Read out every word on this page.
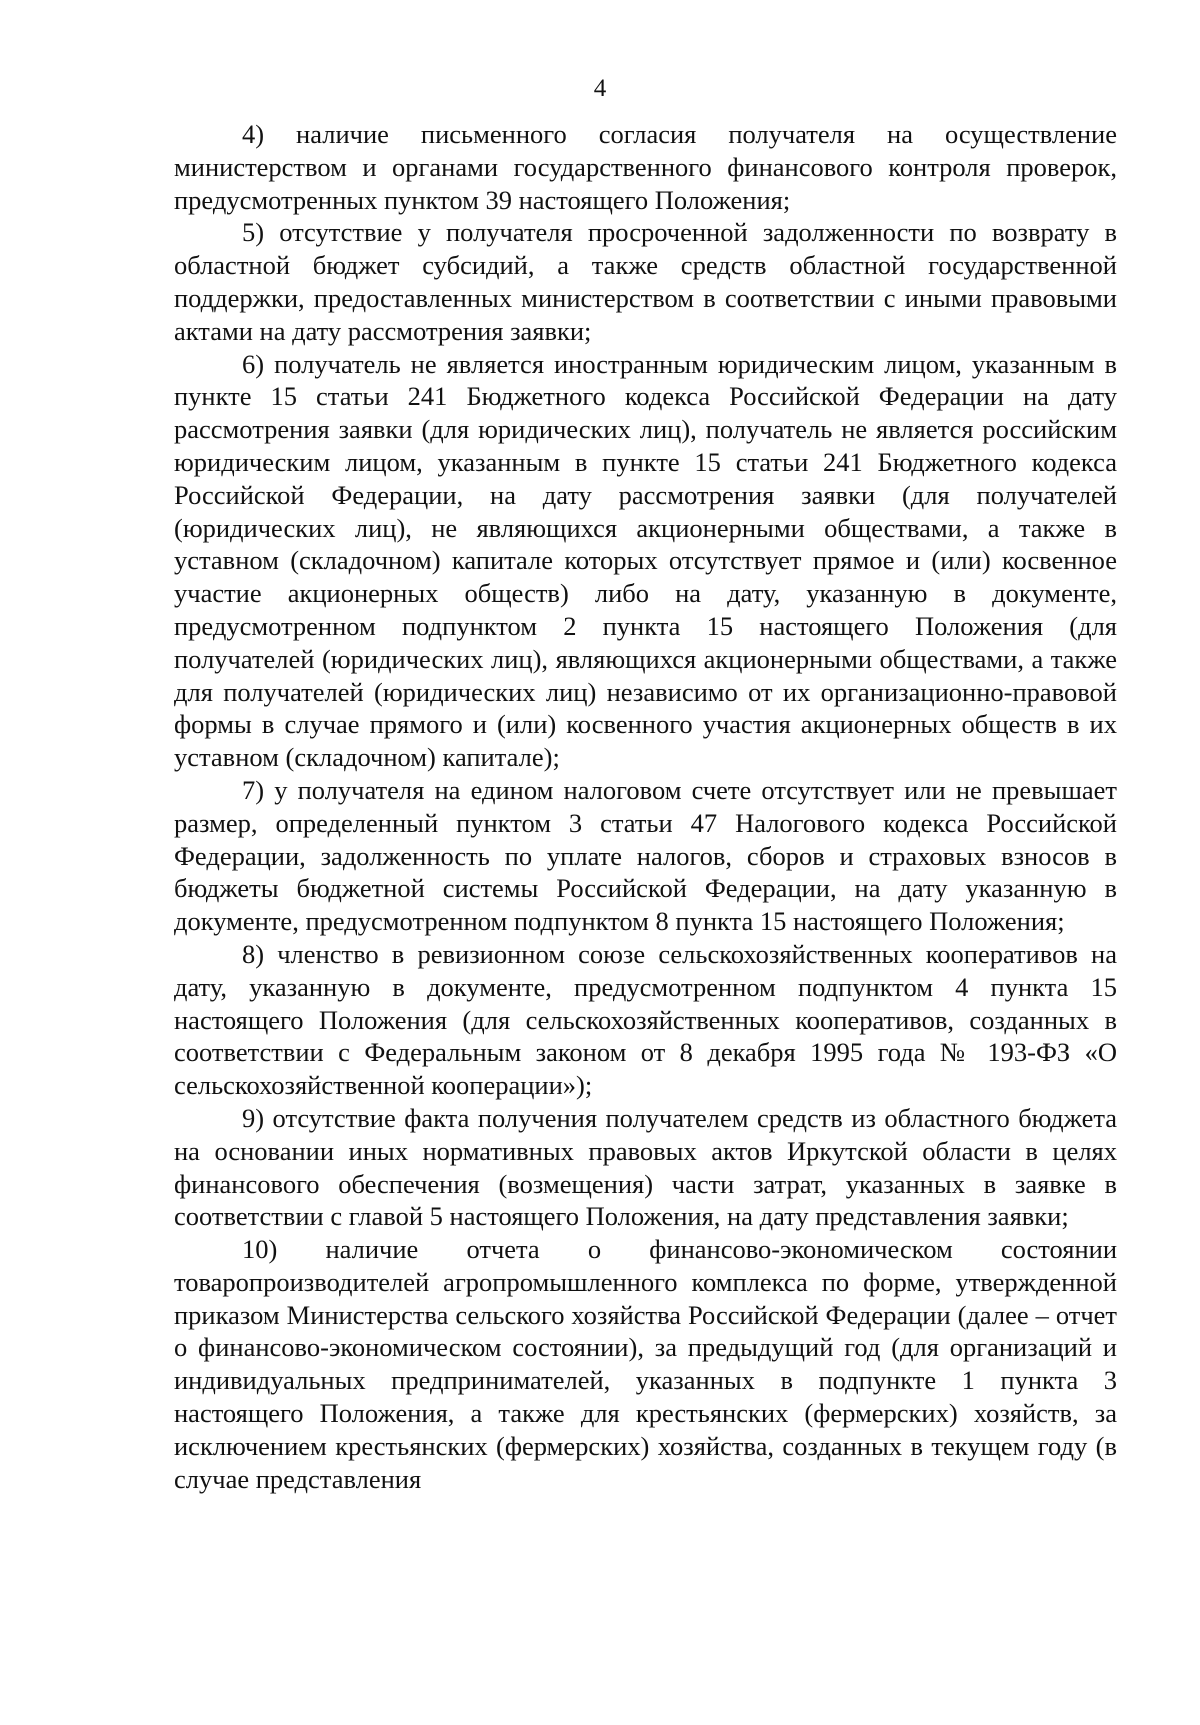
4

4) наличие письменного согласия получателя на осуществление министерством и органами государственного финансового контроля проверок, предусмотренных пунктом 39 настоящего Положения;

5) отсутствие у получателя просроченной задолженности по возврату в областной бюджет субсидий, а также средств областной государственной поддержки, предоставленных министерством в соответствии с иными правовыми актами на дату рассмотрения заявки;

6) получатель не является иностранным юридическим лицом, указанным в пункте 15 статьи 241 Бюджетного кодекса Российской Федерации на дату рассмотрения заявки (для юридических лиц), получатель не является российским юридическим лицом, указанным в пункте 15 статьи 241 Бюджетного кодекса Российской Федерации, на дату рассмотрения заявки (для получателей (юридических лиц), не являющихся акционерными обществами, а также в уставном (складочном) капитале которых отсутствует прямое и (или) косвенное участие акционерных обществ) либо на дату, указанную в документе, предусмотренном подпунктом 2 пункта 15 настоящего Положения (для получателей (юридических лиц), являющихся акционерными обществами, а также для получателей (юридических лиц) независимо от их организационно-правовой формы в случае прямого и (или) косвенного участия акционерных обществ в их уставном (складочном) капитале);

7) у получателя на едином налоговом счете отсутствует или не превышает размер, определенный пунктом 3 статьи 47 Налогового кодекса Российской Федерации, задолженность по уплате налогов, сборов и страховых взносов в бюджеты бюджетной системы Российской Федерации, на дату указанную в документе, предусмотренном подпунктом 8 пункта 15 настоящего Положения;

8) членство в ревизионном союзе сельскохозяйственных кооперативов на дату, указанную в документе, предусмотренном подпунктом 4 пункта 15 настоящего Положения (для сельскохозяйственных кооперативов, созданных в соответствии с Федеральным законом от 8 декабря 1995 года № 193-ФЗ «О сельскохозяйственной кооперации»);

9) отсутствие факта получения получателем средств из областного бюджета на основании иных нормативных правовых актов Иркутской области в целях финансового обеспечения (возмещения) части затрат, указанных в заявке в соответствии с главой 5 настоящего Положения, на дату представления заявки;

10) наличие отчета о финансово-экономическом состоянии товаропроизводителей агропромышленного комплекса по форме, утвержденной приказом Министерства сельского хозяйства Российской Федерации (далее – отчет о финансово-экономическом состоянии), за предыдущий год (для организаций и индивидуальных предпринимателей, указанных в подпункте 1 пункта 3 настоящего Положения, а также для крестьянских (фермерских) хозяйств, за исключением крестьянских (фермерских) хозяйства, созданных в текущем году (в случае представления
